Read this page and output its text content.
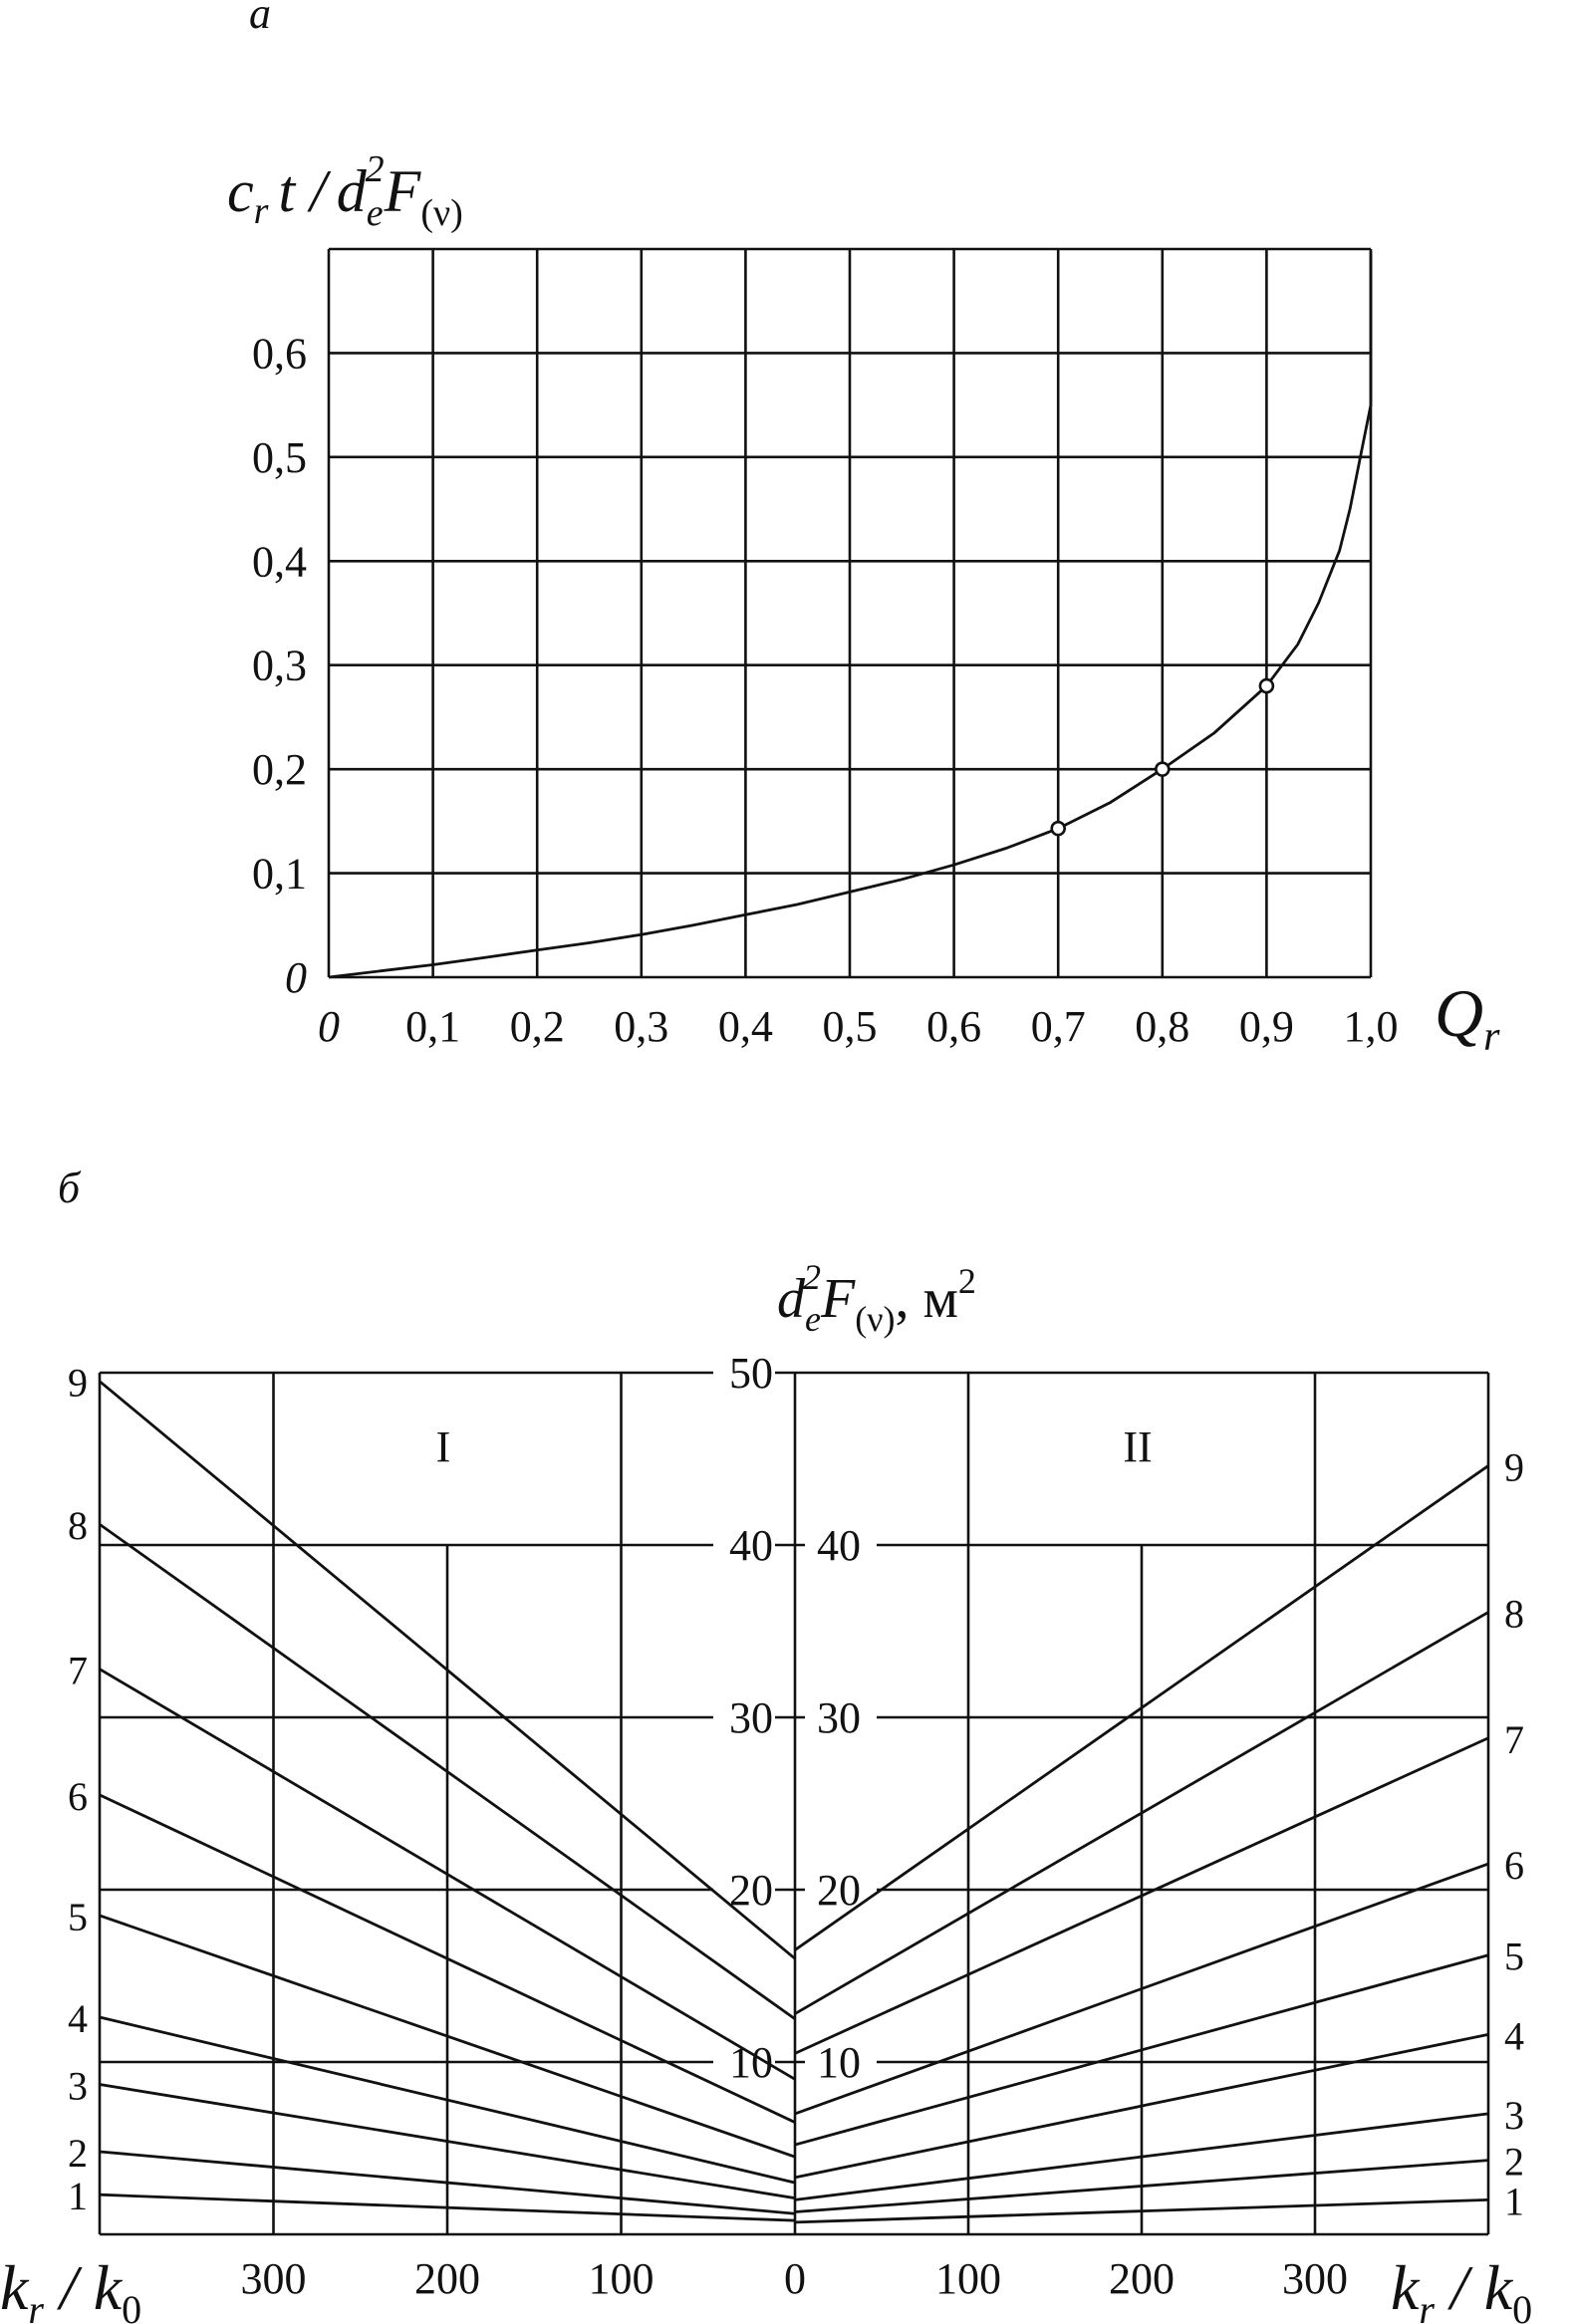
а
$c_r$ t / $d_e2F_{(\nu)}$
0 0,1 0,2 0,3 0,4 0,5 0,6 0,7 0,8 0,9 1,0
0
0,1
0,2
0,3
0,4
0,5
0,6
$Q_r$
б
$d_e2F_{(\nu)}$, $м^2$
10 10
20 20
30 30
40 40
50
300 200 100	0	100 200 300
1
2
3
4
5
6
7
8
9
1
2
3
4
5
6
7
8
9
I	II
$k_r / k_0$	$k_r / k_0$
